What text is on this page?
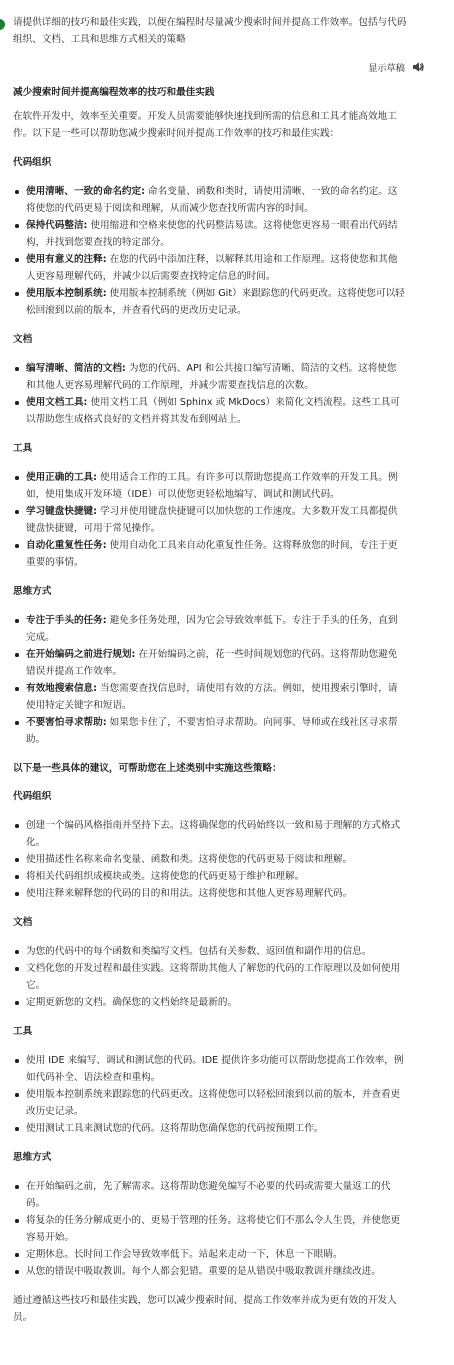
请提供详细的技巧和最佳实践，以便在编程时尽量减少搜索时间并提高工作效率。包括与代码组织、文档、工具和思维方式相关的策略
显示草稿

减少搜索时间并提高编程效率的技巧和最佳实践

在软件开发中，效率至关重要。开发人员需要能够快速找到所需的信息和工具才能高效地工作。以下是一些可以帮助您减少搜索时间并提高工作效率的技巧和最佳实践：

代码组织

使用清晰、一致的命名约定: 命名变量、函数和类时，请使用清晰、一致的命名约定。这将使您的代码更易于阅读和理解，从而减少您查找所需内容的时间。
保持代码整洁: 使用缩进和空格来使您的代码整洁易读。这将使您更容易一眼看出代码结构，并找到您要查找的特定部分。
使用有意义的注释: 在您的代码中添加注释，以解释其用途和工作原理。这将使您和其他人更容易理解代码，并减少以后需要查找特定信息的时间。
使用版本控制系统: 使用版本控制系统（例如 Git）来跟踪您的代码更改。这将使您可以轻松回滚到以前的版本，并查看代码的更改历史记录。

文档

编写清晰、简洁的文档: 为您的代码、API 和公共接口编写清晰、简洁的文档。这将使您和其他人更容易理解代码的工作原理，并减少需要查找信息的次数。
使用文档工具: 使用文档工具（例如 Sphinx 或 MkDocs）来简化文档流程。这些工具可以帮助您生成格式良好的文档并将其发布到网站上。

工具

使用正确的工具: 使用适合工作的工具。有许多可以帮助您提高工作效率的开发工具。例如，使用集成开发环境（IDE）可以使您更轻松地编写、调试和测试代码。
学习键盘快捷键: 学习并使用键盘快捷键可以加快您的工作速度。大多数开发工具都提供键盘快捷键，可用于常见操作。
自动化重复性任务: 使用自动化工具来自动化重复性任务。这将释放您的时间，专注于更重要的事情。

思维方式

专注于手头的任务: 避免多任务处理，因为它会导致效率低下。专注于手头的任务，直到完成。
在开始编码之前进行规划: 在开始编码之前，花一些时间规划您的代码。这将帮助您避免错误并提高工作效率。
有效地搜索信息: 当您需要查找信息时，请使用有效的方法。例如，使用搜索引擎时，请使用特定关键字和短语。
不要害怕寻求帮助: 如果您卡住了，不要害怕寻求帮助。向同事、导师或在线社区寻求帮助。

以下是一些具体的建议，可帮助您在上述类别中实施这些策略：

代码组织

创建一个编码风格指南并坚持下去。这将确保您的代码始终以一致和易于理解的方式格式化。
使用描述性名称来命名变量、函数和类。这将使您的代码更易于阅读和理解。
将相关代码组织成模块或类。这将使您的代码更易于维护和理解。
使用注释来解释您的代码的目的和用法。这将使您和其他人更容易理解代码。

文档

为您的代码中的每个函数和类编写文档。包括有关参数、返回值和副作用的信息。
文档化您的开发过程和最佳实践。这将帮助其他人了解您的代码的工作原理以及如何使用它。
定期更新您的文档。确保您的文档始终是最新的。

工具

使用 IDE 来编写、调试和测试您的代码。IDE 提供许多功能可以帮助您提高工作效率，例如代码补全、语法检查和重构。
使用版本控制系统来跟踪您的代码更改。这将使您可以轻松回滚到以前的版本，并查看更改历史记录。
使用测试工具来测试您的代码。这将帮助您确保您的代码按预期工作。

思维方式

在开始编码之前，先了解需求。这将帮助您避免编写不必要的代码或需要大量返工的代码。
将复杂的任务分解成更小的、更易于管理的任务。这将使它们不那么令人生畏，并使您更容易开始。
定期休息。长时间工作会导致效率低下。站起来走动一下，休息一下眼睛。
从您的错误中吸取教训。每个人都会犯错。重要的是从错误中吸取教训并继续改进。

通过遵循这些技巧和最佳实践，您可以减少搜索时间、提高工作效率并成为更有效的开发人员。
